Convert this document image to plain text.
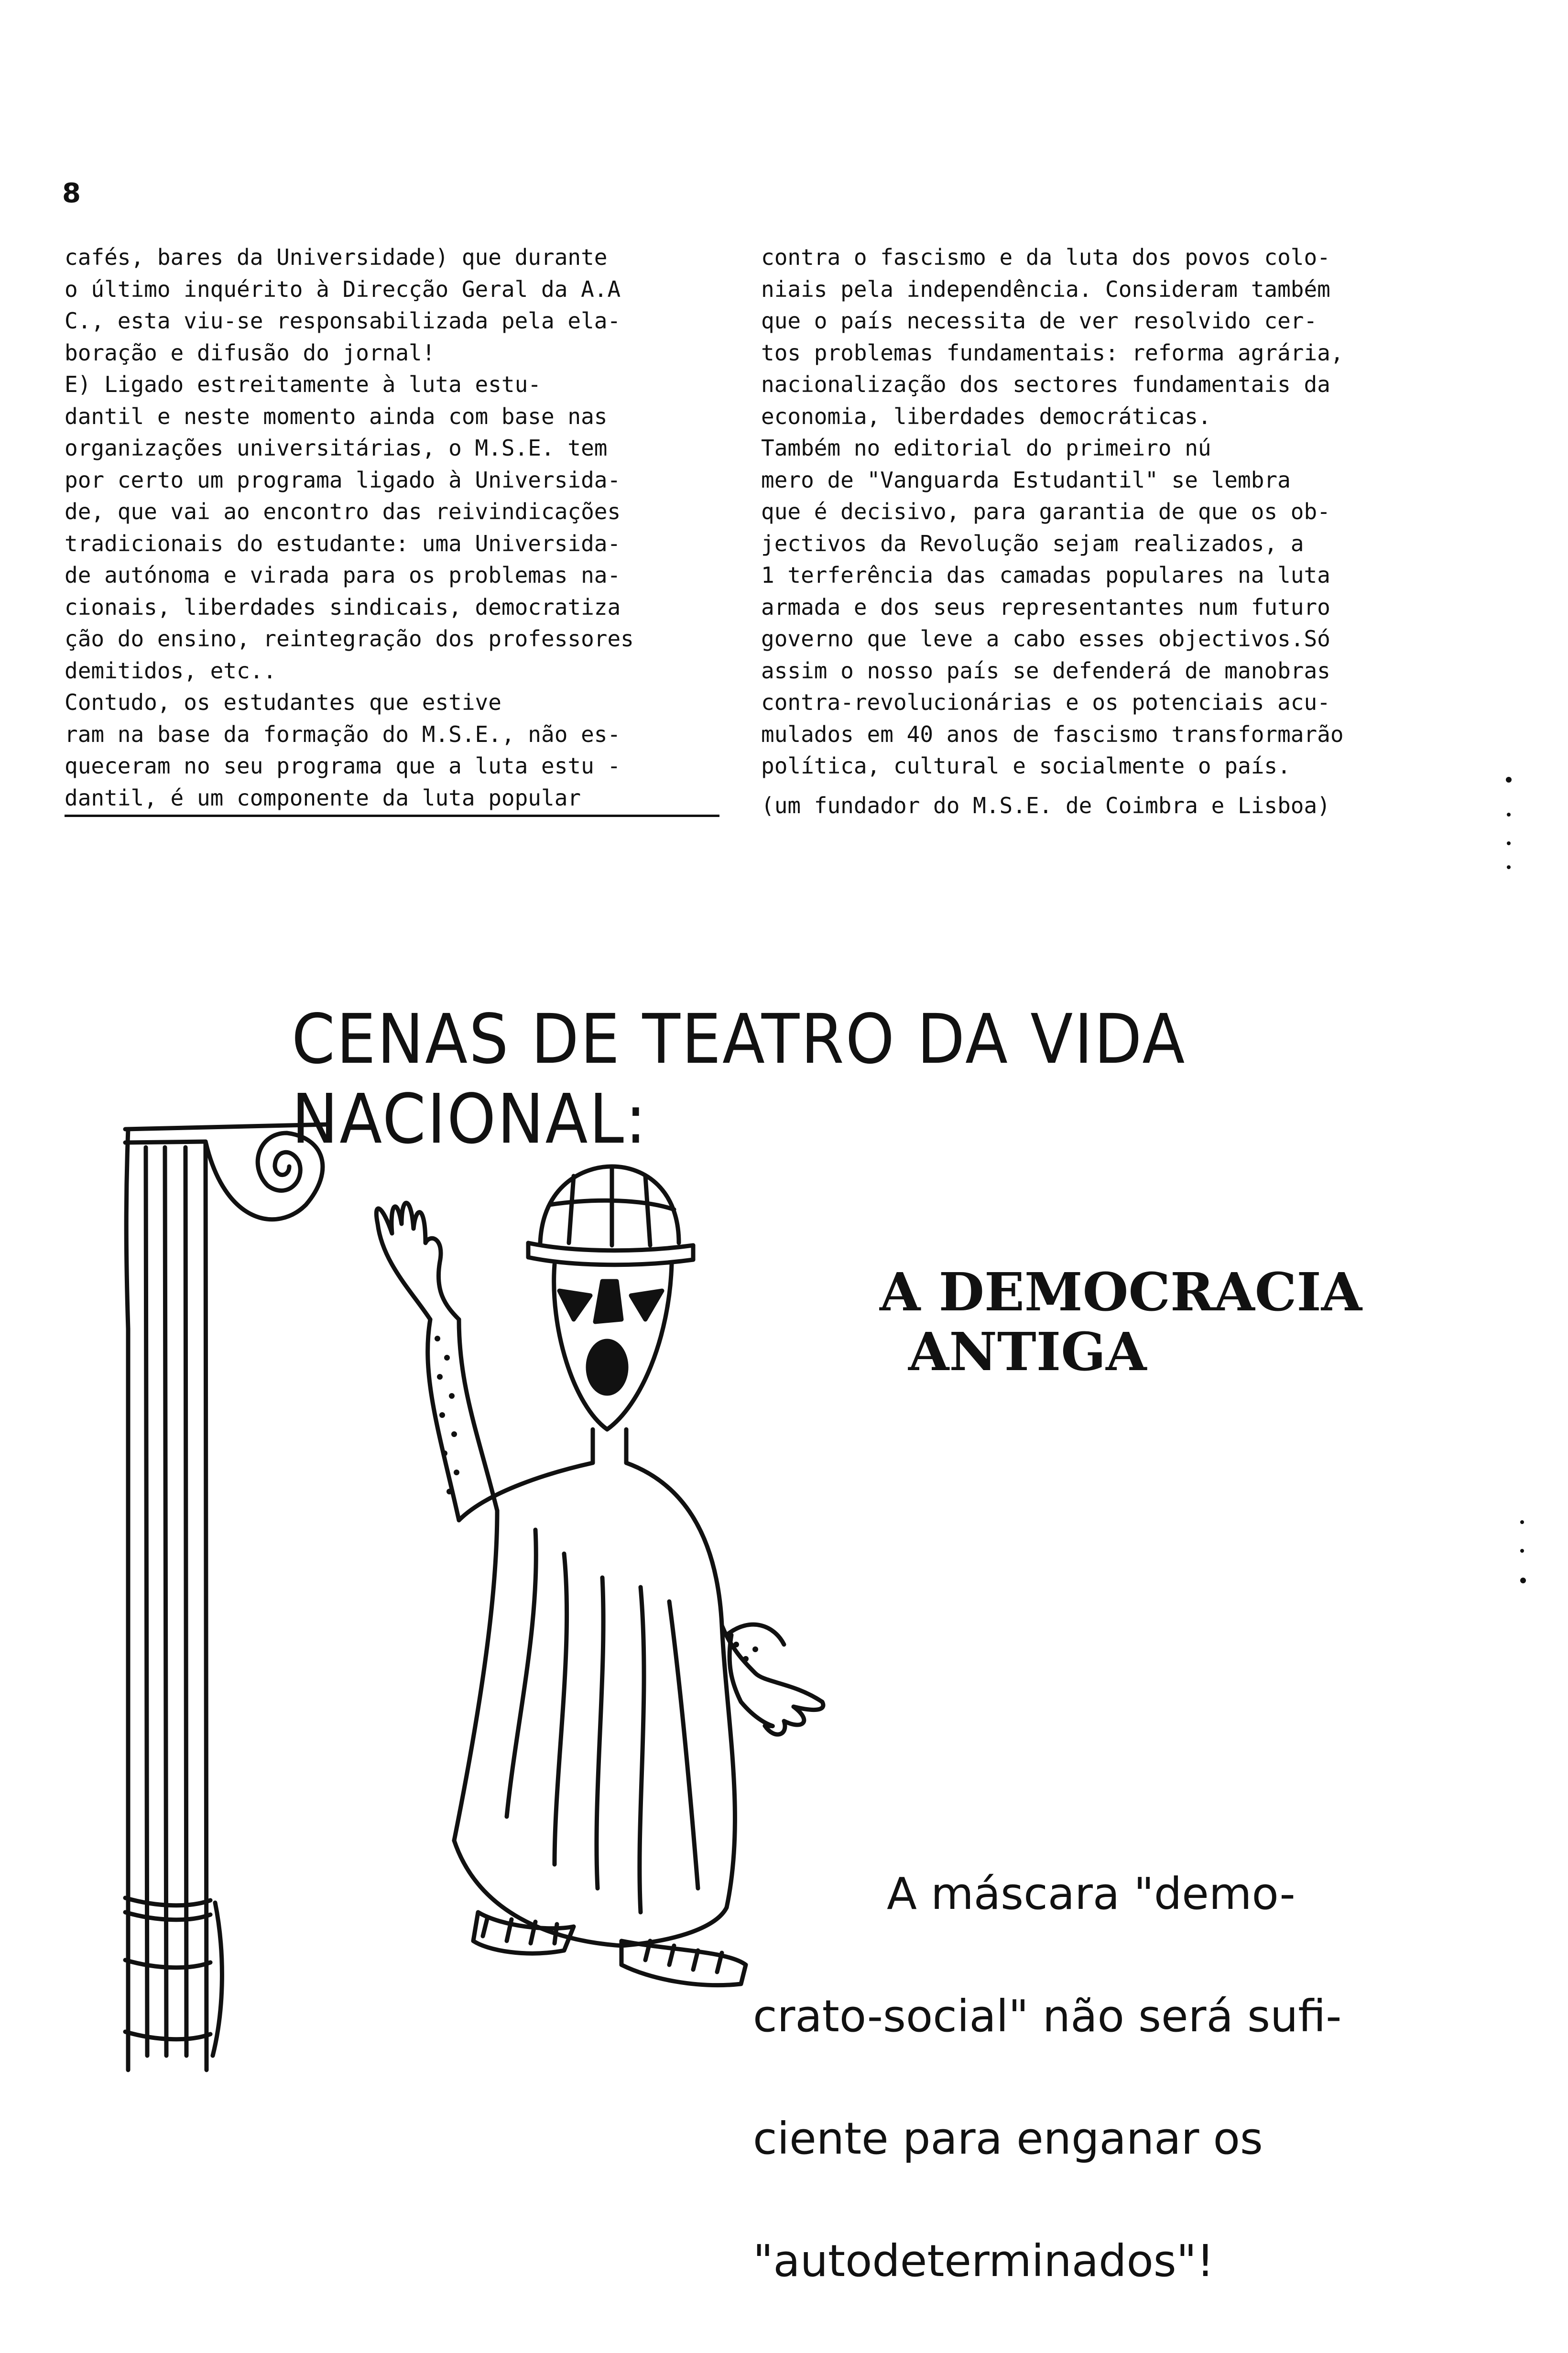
8

cafés, bares da Universidade) que durante
o último inquérito à Direcção Geral da A.A
C., esta viu-se responsabilizada pela ela-
boração e difusão do jornal!

E) Ligado estreitamente à luta estu-
dantil e neste momento ainda com base nas
organizações universitárias, o M.S.E. tem
por certo um programa ligado à Universida-
de, que vai ao encontro das reivindicações
tradicionais do estudante: uma Universida-
de autónoma e virada para os problemas na-
cionais, liberdades sindicais, democratiza
ção do ensino, reintegração dos professores
demitidos, etc..

Contudo, os estudantes que estive
ram na base da formação do M.S.E., não es-
queceram no seu programa que a luta estu -
dantil, é um componente da luta popular

contra o fascismo e da luta dos povos colo-
niais pela independência. Consideram também
que o país necessita de ver resolvido cer-
tos problemas fundamentais: reforma agrária,
nacionalização dos sectores fundamentais da
economia, liberdades democráticas.

Também no editorial do primeiro nú
mero de "Vanguarda Estudantil" se lembra
que é decisivo, para garantia de que os ob-
jectivos da Revolução sejam realizados, a
1 terferência das camadas populares na luta
armada e dos seus representantes num futuro
governo que leve a cabo esses objectivos.Só
assim o nosso país se defenderá de manobras
contra-revolucionárias e os potenciais acu-
mulados em 40 anos de fascismo transformarão
política, cultural e socialmente o país.

(um fundador do M.S.E. de Coimbra e Lisboa)

CENAS DE TEATRO DA VIDA NACIONAL:
A DEMOCRACIA
ANTIGA

A máscara "demo-

crato-social" não será sufi-

ciente para enganar os

"autodeterminados"!
